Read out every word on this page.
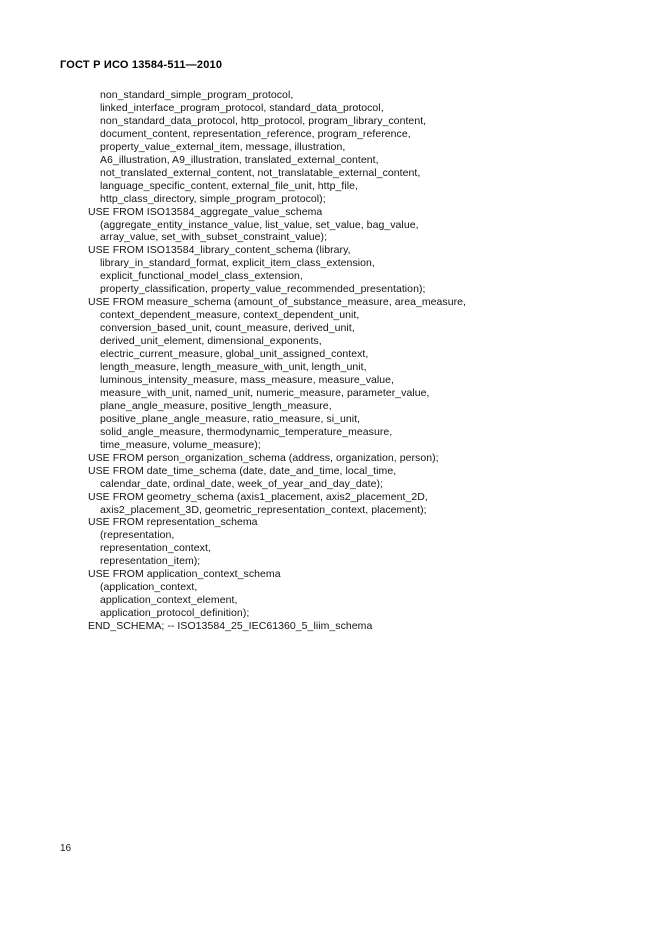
ГОСТ Р ИСО 13584-511—2010
non_standard_simple_program_protocol,
linked_interface_program_protocol, standard_data_protocol,
non_standard_data_protocol, http_protocol, program_library_content,
document_content, representation_reference, program_reference,
property_value_external_item, message, illustration,
A6_illustration, A9_illustration, translated_external_content,
not_translated_external_content, not_translatable_external_content,
language_specific_content, external_file_unit, http_file,
http_class_directory, simple_program_protocol);
USE FROM ISO13584_aggregate_value_schema
(aggregate_entity_instance_value, list_value, set_value, bag_value,
array_value, set_with_subset_constraint_value);
USE FROM ISO13584_library_content_schema (library,
library_in_standard_format, explicit_item_class_extension,
explicit_functional_model_class_extension,
property_classification, property_value_recommended_presentation);
USE FROM measure_schema (amount_of_substance_measure, area_measure,
context_dependent_measure, context_dependent_unit,
conversion_based_unit, count_measure, derived_unit,
derived_unit_element, dimensional_exponents,
electric_current_measure, global_unit_assigned_context,
length_measure, length_measure_with_unit, length_unit,
luminous_intensity_measure, mass_measure, measure_value,
measure_with_unit, named_unit, numeric_measure, parameter_value,
plane_angle_measure, positive_length_measure,
positive_plane_angle_measure, ratio_measure, si_unit,
solid_angle_measure, thermodynamic_temperature_measure,
time_measure, volume_measure);
USE FROM person_organization_schema (address, organization, person);
USE FROM date_time_schema (date, date_and_time, local_time,
calendar_date, ordinal_date, week_of_year_and_day_date);
USE FROM geometry_schema (axis1_placement, axis2_placement_2D,
axis2_placement_3D, geometric_representation_context, placement);
USE FROM representation_schema
(representation,
representation_context,
representation_item);
USE FROM application_context_schema
(application_context,
application_context_element,
application_protocol_definition);
END_SCHEMA; -- ISO13584_25_IEC61360_5_liim_schema
16
